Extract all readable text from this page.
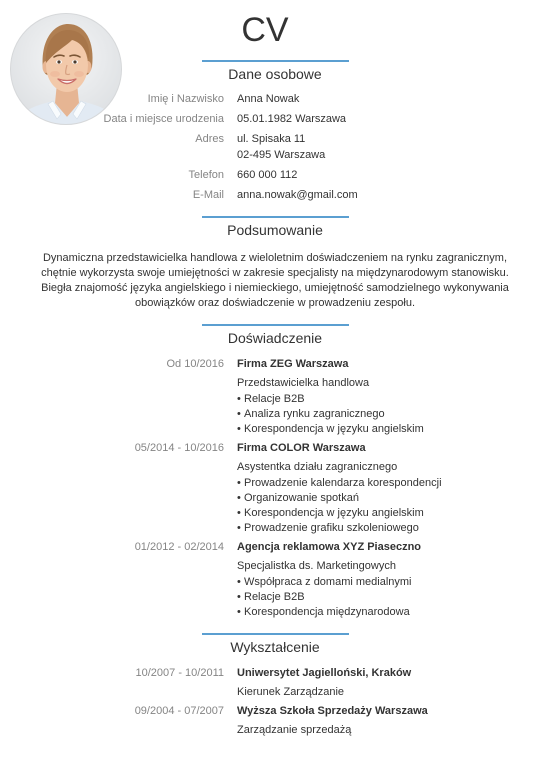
CV
Dane osobowe
Imię i Nazwisko Anna Nowak
Data i miejsce urodzenia 05.01.1982 Warszawa
Adres ul. Spisaka 11
02-495 Warszawa
Telefon 660 000 112
E-Mail anna.nowak@gmail.com
Podsumowanie
Dynamiczna przedstawicielka handlowa z wieloletnim doświadczeniem na rynku zagranicznym,
chętnie wykorzysta swoje umiejętności w zakresie specjalisty na międzynarodowym stanowisku.
Biegła znajomość języka angielskiego i niemieckiego, umiejętność samodzielnego wykonywania
obowiązków oraz doświadczenie w prowadzeniu zespołu.
Doświadczenie
Od 10/2016 Firma ZEG Warszawa
Przedstawicielka handlowa
• Relacje B2B
• Analiza rynku zagranicznego
• Korespondencja w języku angielskim
05/2014 - 10/2016 Firma COLOR Warszawa
Asystentka działu zagranicznego
• Prowadzenie kalendarza korespondencji
• Organizowanie spotkań
• Korespondencja w języku angielskim
• Prowadzenie grafiku szkoleniowego
01/2012 - 02/2014 Agencja reklamowa XYZ Piaseczno
Specjalistka ds. Marketingowych
• Współpraca z domami medialnymi
• Relacje B2B
• Korespondencja międzynarodowa
Wykształcenie
10/2007 - 10/2011 Uniwersytet Jagielloński, Kraków
Kierunek Zarządzanie
09/2004 - 07/2007 Wyższa Szkoła Sprzedaży Warszawa
Zarządzanie sprzedażą
